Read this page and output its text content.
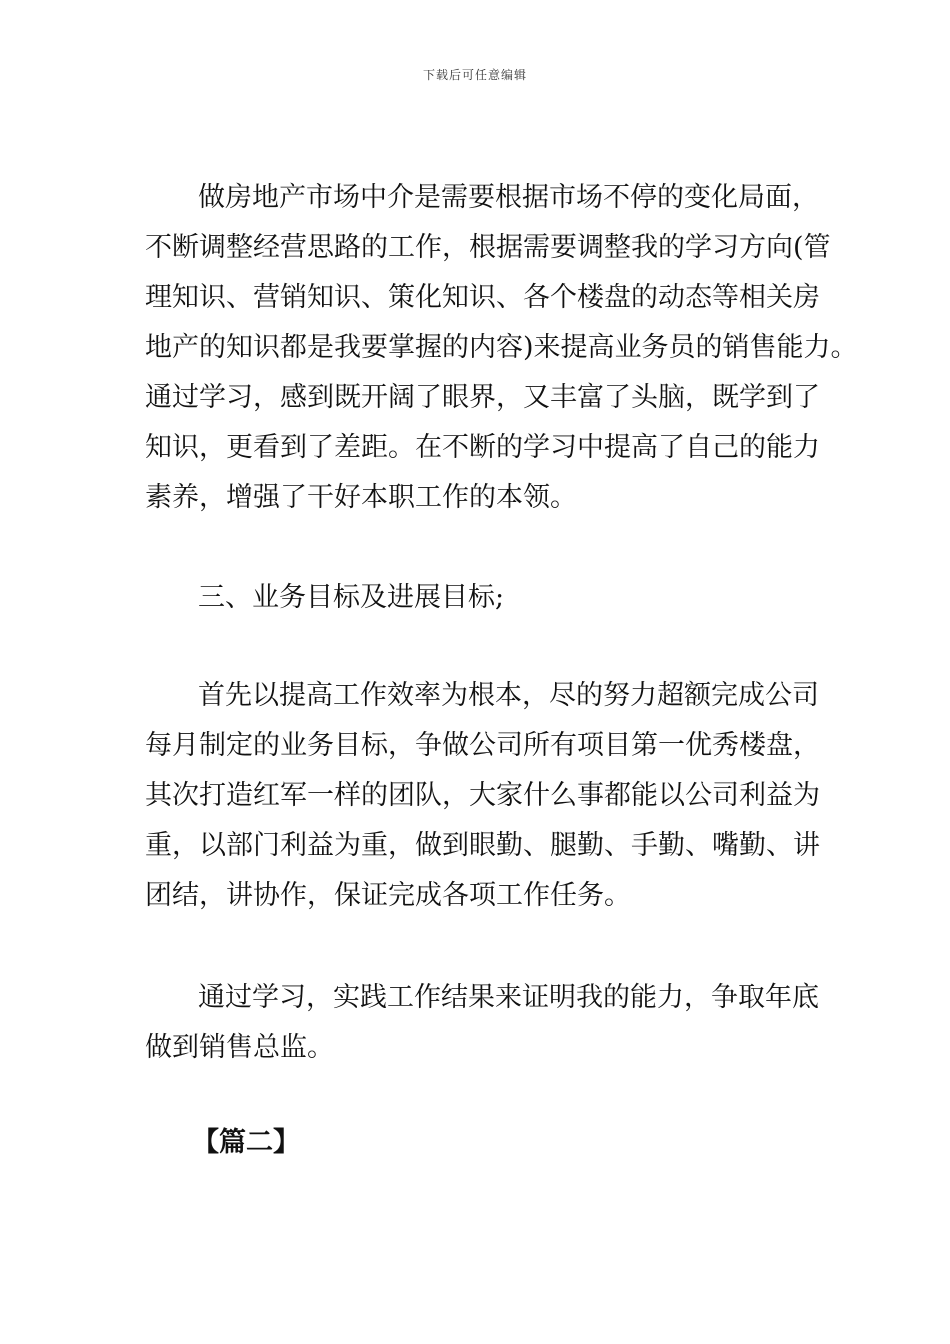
下载后可任意编辑
做房地产市场中介是需要根据市场不停的变化局面，
不断调整经营思路的工作，根据需要调整我的学习方向(管
理知识、营销知识、策化知识、各个楼盘的动态等相关房
地产的知识都是我要掌握的内容)来提高业务员的销售能力。
通过学习，感到既开阔了眼界，又丰富了头脑，既学到了
知识，更看到了差距。在不断的学习中提高了自己的能力
素养，增强了干好本职工作的本领。
三、业务目标及进展目标;
首先以提高工作效率为根本，尽的努力超额完成公司
每月制定的业务目标，争做公司所有项目第一优秀楼盘，
其次打造红军一样的团队，大家什么事都能以公司利益为
重，以部门利益为重，做到眼勤、腿勤、手勤、嘴勤、讲
团结，讲协作，保证完成各项工作任务。
通过学习，实践工作结果来证明我的能力，争取年底
做到销售总监。
【篇二】
